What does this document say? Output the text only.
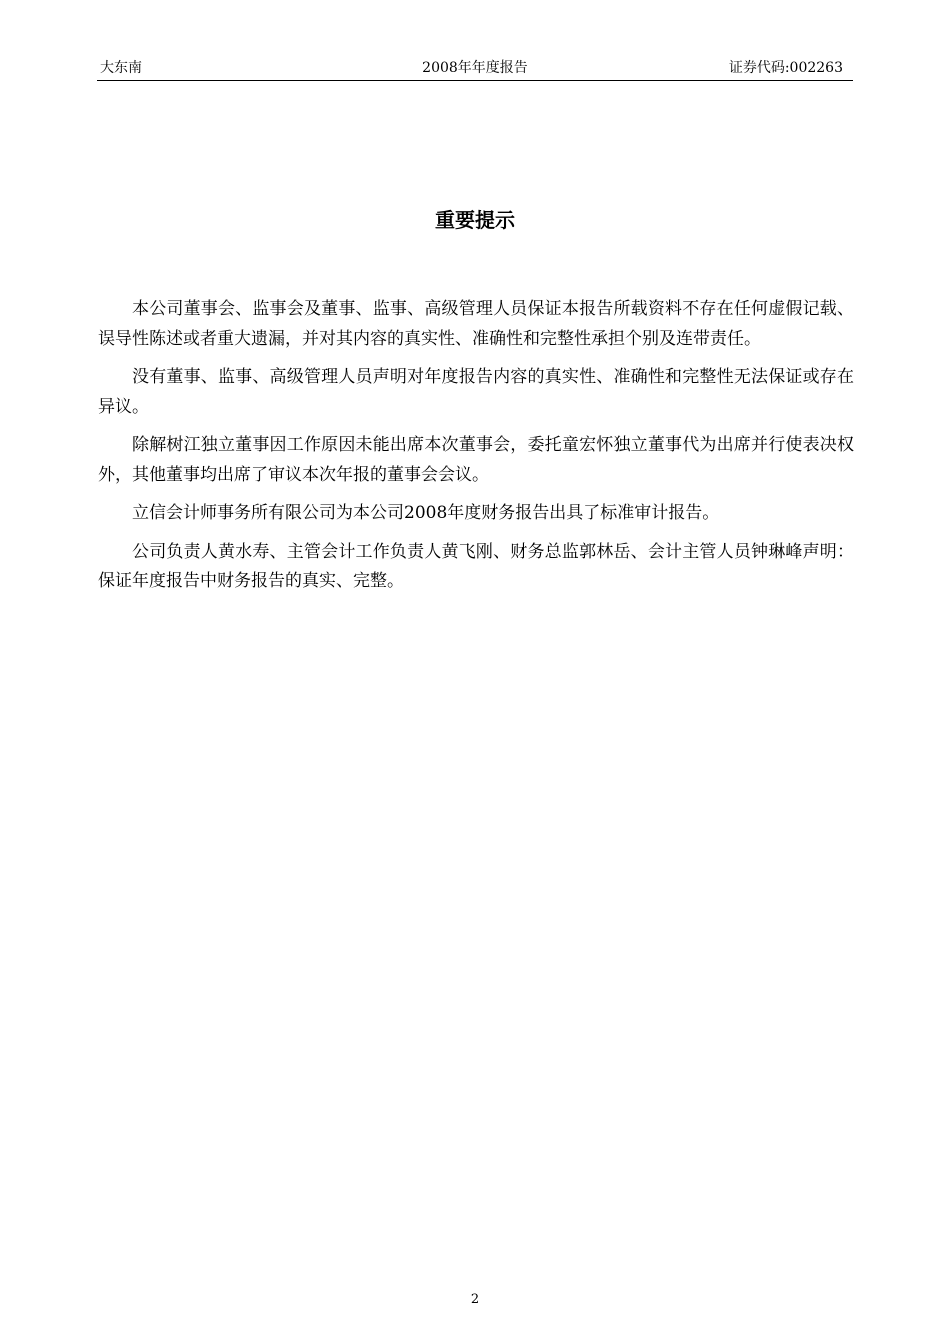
大东南	2008年年度报告	证券代码:002263
重要提示

本公司董事会、监事会及董事、监事、高级管理人员保证本报告所载资料不存在任何虚假记载、误导性陈述或者重大遗漏，并对其内容的真实性、准确性和完整性承担个别及连带责任。

没有董事、监事、高级管理人员声明对年度报告内容的真实性、准确性和完整性无法保证或存在异议。

除解树江独立董事因工作原因未能出席本次董事会，委托童宏怀独立董事代为出席并行使表决权外，其他董事均出席了审议本次年报的董事会会议。

立信会计师事务所有限公司为本公司2008年度财务报告出具了标准审计报告。

公司负责人黄水寿、主管会计工作负责人黄飞刚、财务总监郭林岳、会计主管人员钟琳峰声明：保证年度报告中财务报告的真实、完整。

2
